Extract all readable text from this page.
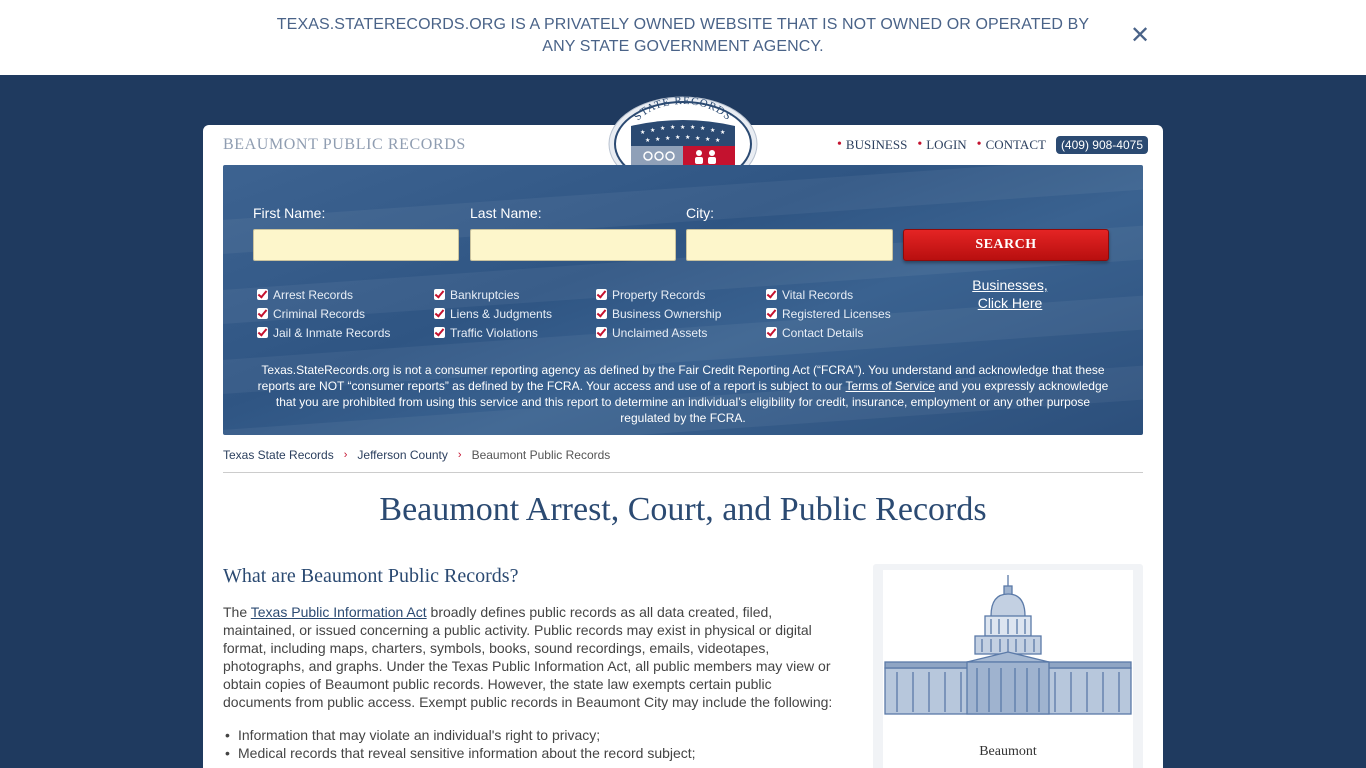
TEXAS.STATERECORDS.ORG IS A PRIVATELY OWNED WEBSITE THAT IS NOT OWNED OR OPERATED BY ANY STATE GOVERNMENT AGENCY.	✕
BEAUMONT PUBLIC RECORDS
STATE RECORDS
★ ★ ★ ★ ★ ★ ★ ★ ★
★ ★ ★ ★ ★ ★ ★ ★	• BUSINESS • LOGIN • CONTACT	(409) 908-4075
First Name:	Last Name:	City:
SEARCH
Arrest Records
Criminal Records
Jail & Inmate Records
Bankruptcies
Liens & Judgments
Traffic Violations
Property Records
Business Ownership
Unclaimed Assets
Vital Records
Registered Licenses
Contact Details
Businesses,
Click Here
Texas.StateRecords.org is not a consumer reporting agency as defined by the Fair Credit Reporting Act (“FCRA”). You understand and acknowledge that these reports are NOT “consumer reports” as defined by the FCRA. Your access and use of a report is subject to our Terms of Service and you expressly acknowledge that you are prohibited from using this service and this report to determine an individual’s eligibility for credit, insurance, employment or any other purpose regulated by the FCRA.
Texas State Records › Jefferson County › Beaumont Public Records
Beaumont Arrest, Court, and Public Records
What are Beaumont Public Records?

The Texas Public Information Act broadly defines public records as all data created, filed, maintained, or issued concerning a public activity. Public records may exist in physical or digital format, including maps, charters, symbols, books, sound recordings, emails, videotapes, photographs, and graphs. Under the Texas Public Information Act, all public members may view or obtain copies of Beaumont public records. However, the state law exempts certain public documents from public access. Exempt public records in Beaumont City may include the following:

• Information that may violate an individual's right to privacy;
• Medical records that reveal sensitive information about the record subject;	Beaumont
